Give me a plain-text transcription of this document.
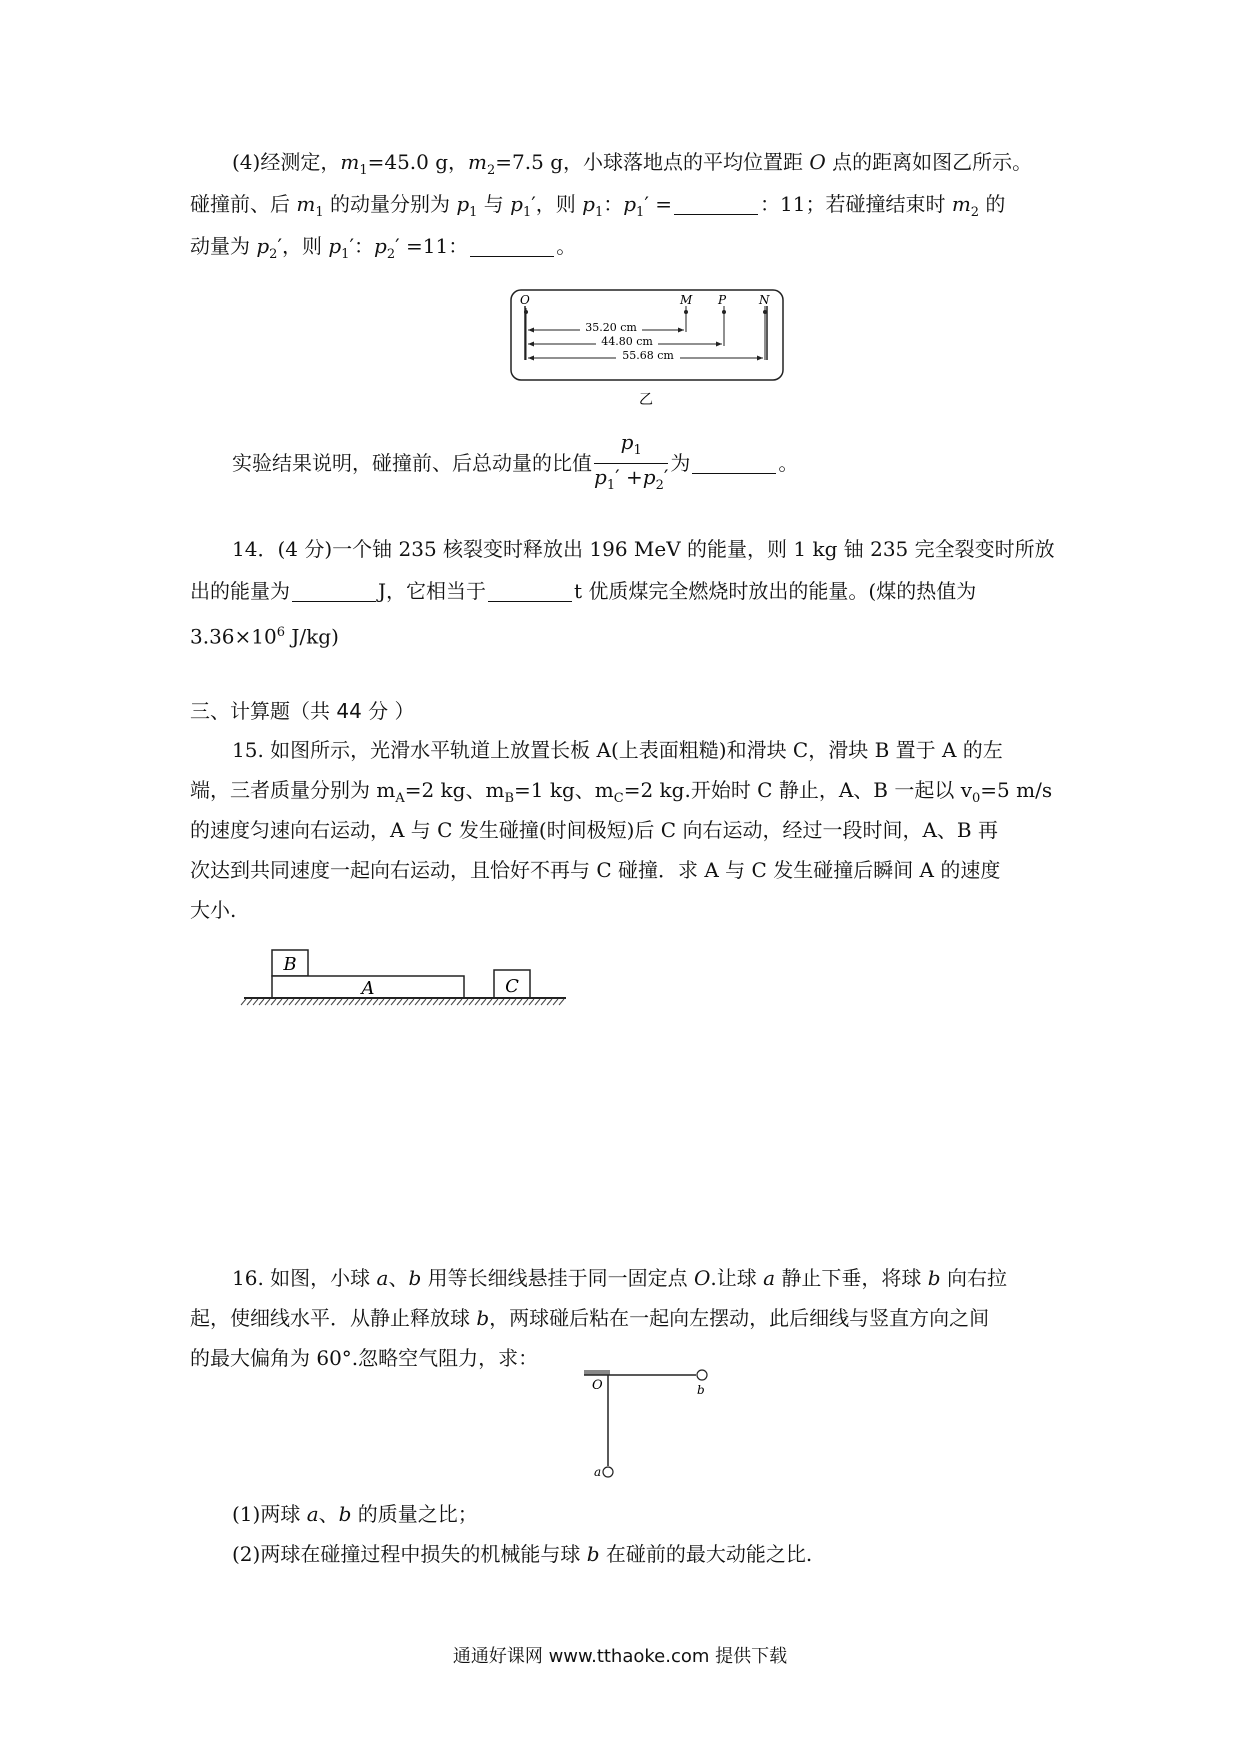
(4)经测定，$m_1=45.0$ g，$m_2=7.5$ g，小球落地点的平均位置距 O 点的距离如图乙所示。
碰撞前、后 $m_1$ 的动量分别为 $p_1$ 与 $p_1'$，则 $p_1$：$p_1'$ =	：11；若碰撞结束时 $m_2$ 的
动量为 $p_2'$，则 $p_1'$：$p_2' =11$：	。
O	M P	N
35.20 cm
44.80 cm
55.68 cm
乙
实验结果说明，碰撞前、后总动量的比值 $\frac{p_1}{p_1' +p_2'}$ 为	。
14．(4 分)一个铀 235 核裂变时释放出 196 MeV 的能量，则 1 kg 铀 235 完全裂变时所放
出的能量为	J，它相当于	t 优质煤完全燃烧时放出的能量。(煤的热值为
$3.36\times 10^6$ J/kg)
三、计算题（共 44 分 ）
15. 如图所示，光滑水平轨道上放置长板 A(上表面粗糙)和滑块 C，滑块 B 置于 A 的左
端，三者质量分别为 $m_A=2$ kg、$m_B=1$ kg、$m_C=2$ kg.开始时 C 静止，A、B 一起以 $v_0=5$ m/s
的速度匀速向右运动，A 与 C 发生碰撞(时间极短)后 C 向右运动，经过一段时间，A、B 再
次达到共同速度一起向右运动，且恰好不再与 C 碰撞．求 A 与 C 发生碰撞后瞬间 A 的速度
大小.
B
A	C
16. 如图，小球 a、b 用等长细线悬挂于同一固定点 O.让球 a 静止下垂，将球 b 向右拉
起，使细线水平．从静止释放球 b，两球碰后粘在一起向左摆动，此后细线与竖直方向之间
的最大偏角为 60°.忽略空气阻力，求：
O	b
a
(1)两球 a、b 的质量之比；
(2)两球在碰撞过程中损失的机械能与球 b 在碰前的最大动能之比.
通通好课网 www.tthaoke.com 提供下载
